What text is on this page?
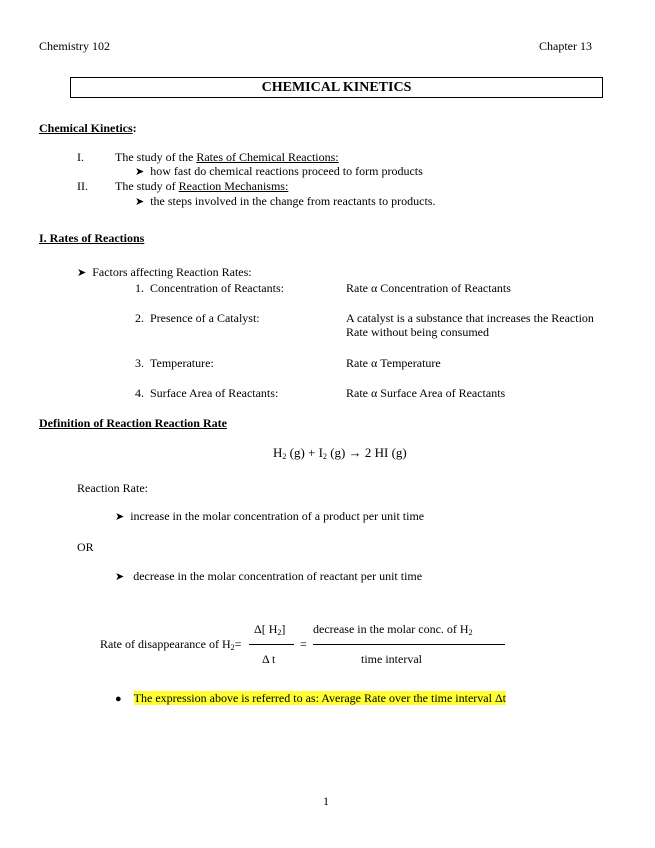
Chemistry 102	Chapter 13
CHEMICAL KINETICS
Chemical Kinetics:
I.	The study of the Rates of Chemical Reactions:
➤ how fast do chemical reactions proceed to form products
II. The study of Reaction Mechanisms:
➤ the steps involved in the change from reactants to products.
I. Rates of Reactions
➤ Factors affecting Reaction Rates:
1. Concentration of Reactants:	Rate α Concentration of Reactants
2. Presence of a Catalyst:	A catalyst is a substance that increases the Reaction
Rate without being consumed
3. Temperature:	Rate α Temperature
4. Surface Area of Reactants:	Rate α Surface Area of Reactants
Definition of Reaction Reaction Rate
$H_2$ $(g) + I_2$ (g) → 2 HI (g)
Reaction Rate:
➤ increase in the molar concentration of a product per unit time
OR
➤ decrease in the molar concentration of reactant per unit time
Rate of disappearance of $H_2=$
Δ[ $H_2$]
Δ t
=
decrease in the molar conc. of $H_2$
time interval
● The expression above is referred to as: Average Rate over the time interval Δt
1
